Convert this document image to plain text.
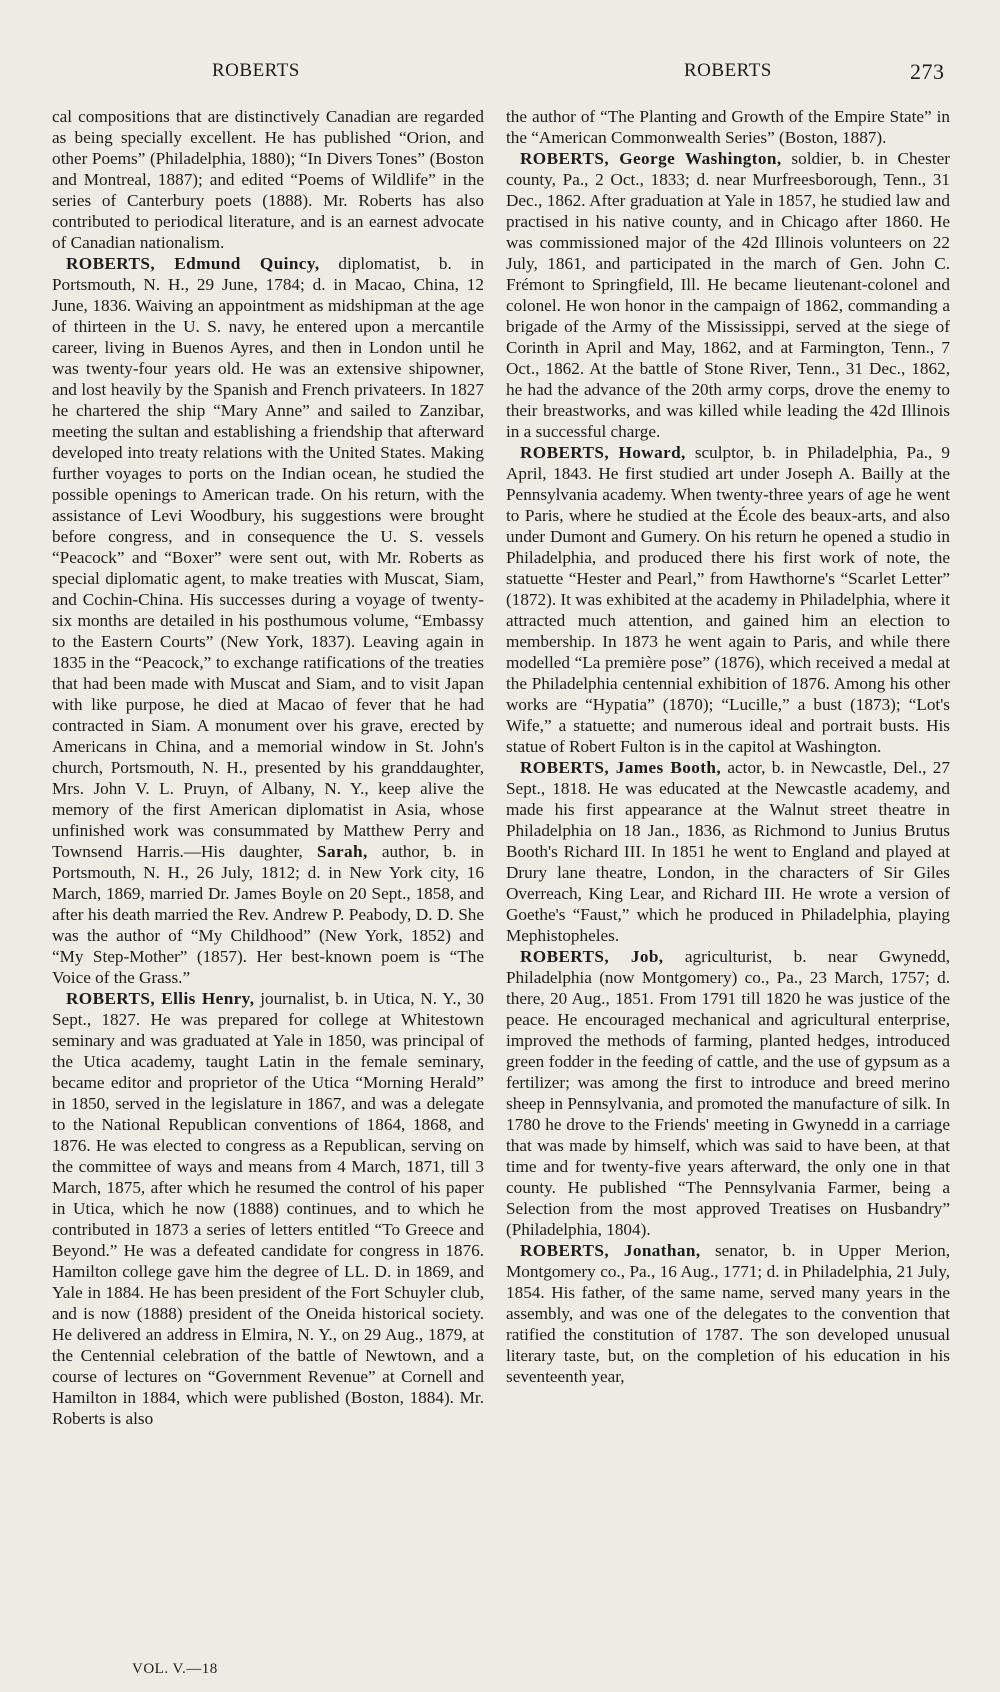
ROBERTS	ROBERTS	273

cal compositions that are distinctively Canadian are regarded as being specially excellent. He has published “Orion, and other Poems” (Philadelphia, 1880); “In Divers Tones” (Boston and Montreal, 1887); and edited “Poems of Wildlife” in the series of Canterbury poets (1888). Mr. Roberts has also contributed to periodical literature, and is an earnest advocate of Canadian nationalism.

ROBERTS, Edmund Quincy, diplomatist, b. in Portsmouth, N. H., 29 June, 1784; d. in Macao, China, 12 June, 1836. Waiving an appointment as midshipman at the age of thirteen in the U. S. navy, he entered upon a mercantile career, living in Buenos Ayres, and then in London until he was twenty-four years old. He was an extensive shipowner, and lost heavily by the Spanish and French privateers. In 1827 he chartered the ship “Mary Anne” and sailed to Zanzibar, meeting the sultan and establishing a friendship that afterward developed into treaty relations with the United States. Making further voyages to ports on the Indian ocean, he studied the possible openings to American trade. On his return, with the assistance of Levi Woodbury, his suggestions were brought before congress, and in consequence the U. S. vessels “Peacock” and “Boxer” were sent out, with Mr. Roberts as special diplomatic agent, to make treaties with Muscat, Siam, and Cochin-China. His successes during a voyage of twenty-six months are detailed in his posthumous volume, “Embassy to the Eastern Courts” (New York, 1837). Leaving again in 1835 in the “Peacock,” to exchange ratifications of the treaties that had been made with Muscat and Siam, and to visit Japan with like purpose, he died at Macao of fever that he had contracted in Siam. A monument over his grave, erected by Americans in China, and a memorial window in St. John's church, Portsmouth, N. H., presented by his granddaughter, Mrs. John V. L. Pruyn, of Albany, N. Y., keep alive the memory of the first American diplomatist in Asia, whose unfinished work was consummated by Matthew Perry and Townsend Harris.—His daughter, Sarah, author, b. in Portsmouth, N. H., 26 July, 1812; d. in New York city, 16 March, 1869, married Dr. James Boyle on 20 Sept., 1858, and after his death married the Rev. Andrew P. Peabody, D. D. She was the author of “My Childhood” (New York, 1852) and “My Step-Mother” (1857). Her best-known poem is “The Voice of the Grass.”

ROBERTS, Ellis Henry, journalist, b. in Utica, N. Y., 30 Sept., 1827. He was prepared for college at Whitestown seminary and was graduated at Yale in 1850, was principal of the Utica academy, taught Latin in the female seminary, became editor and proprietor of the Utica “Morning Herald” in 1850, served in the legislature in 1867, and was a delegate to the National Republican conventions of 1864, 1868, and 1876. He was elected to congress as a Republican, serving on the committee of ways and means from 4 March, 1871, till 3 March, 1875, after which he resumed the control of his paper in Utica, which he now (1888) continues, and to which he contributed in 1873 a series of letters entitled “To Greece and Beyond.” He was a defeated candidate for congress in 1876. Hamilton college gave him the degree of LL. D. in 1869, and Yale in 1884. He has been president of the Fort Schuyler club, and is now (1888) president of the Oneida historical society. He delivered an address in Elmira, N. Y., on 29 Aug., 1879, at the Centennial celebration of the battle of Newtown, and a course of lectures on “Government Revenue” at Cornell and Hamilton in 1884, which were published (Boston, 1884). Mr. Roberts is also

the author of “The Planting and Growth of the Empire State” in the “American Commonwealth Series” (Boston, 1887).

ROBERTS, George Washington, soldier, b. in Chester county, Pa., 2 Oct., 1833; d. near Murfreesborough, Tenn., 31 Dec., 1862. After graduation at Yale in 1857, he studied law and practised in his native county, and in Chicago after 1860. He was commissioned major of the 42d Illinois volunteers on 22 July, 1861, and participated in the march of Gen. John C. Frémont to Springfield, Ill. He became lieutenant-colonel and colonel. He won honor in the campaign of 1862, commanding a brigade of the Army of the Mississippi, served at the siege of Corinth in April and May, 1862, and at Farmington, Tenn., 7 Oct., 1862. At the battle of Stone River, Tenn., 31 Dec., 1862, he had the advance of the 20th army corps, drove the enemy to their breastworks, and was killed while leading the 42d Illinois in a successful charge.

ROBERTS, Howard, sculptor, b. in Philadelphia, Pa., 9 April, 1843. He first studied art under Joseph A. Bailly at the Pennsylvania academy. When twenty-three years of age he went to Paris, where he studied at the École des beaux-arts, and also under Dumont and Gumery. On his return he opened a studio in Philadelphia, and produced there his first work of note, the statuette “Hester and Pearl,” from Hawthorne's “Scarlet Letter” (1872). It was exhibited at the academy in Philadelphia, where it attracted much attention, and gained him an election to membership. In 1873 he went again to Paris, and while there modelled “La première pose” (1876), which received a medal at the Philadelphia centennial exhibition of 1876. Among his other works are “Hypatia” (1870); “Lucille,” a bust (1873); “Lot's Wife,” a statuette; and numerous ideal and portrait busts. His statue of Robert Fulton is in the capitol at Washington.

ROBERTS, James Booth, actor, b. in Newcastle, Del., 27 Sept., 1818. He was educated at the Newcastle academy, and made his first appearance at the Walnut street theatre in Philadelphia on 18 Jan., 1836, as Richmond to Junius Brutus Booth's Richard III. In 1851 he went to England and played at Drury lane theatre, London, in the characters of Sir Giles Overreach, King Lear, and Richard III. He wrote a version of Goethe's “Faust,” which he produced in Philadelphia, playing Mephistopheles.

ROBERTS, Job, agriculturist, b. near Gwynedd, Philadelphia (now Montgomery) co., Pa., 23 March, 1757; d. there, 20 Aug., 1851. From 1791 till 1820 he was justice of the peace. He encouraged mechanical and agricultural enterprise, improved the methods of farming, planted hedges, introduced green fodder in the feeding of cattle, and the use of gypsum as a fertilizer; was among the first to introduce and breed merino sheep in Pennsylvania, and promoted the manufacture of silk. In 1780 he drove to the Friends' meeting in Gwynedd in a carriage that was made by himself, which was said to have been, at that time and for twenty-five years afterward, the only one in that county. He published “The Pennsylvania Farmer, being a Selection from the most approved Treatises on Husbandry” (Philadelphia, 1804).

ROBERTS, Jonathan, senator, b. in Upper Merion, Montgomery co., Pa., 16 Aug., 1771; d. in Philadelphia, 21 July, 1854. His father, of the same name, served many years in the assembly, and was one of the delegates to the convention that ratified the constitution of 1787. The son developed unusual literary taste, but, on the completion of his education in his seventeenth year,

VOL. V.—18
